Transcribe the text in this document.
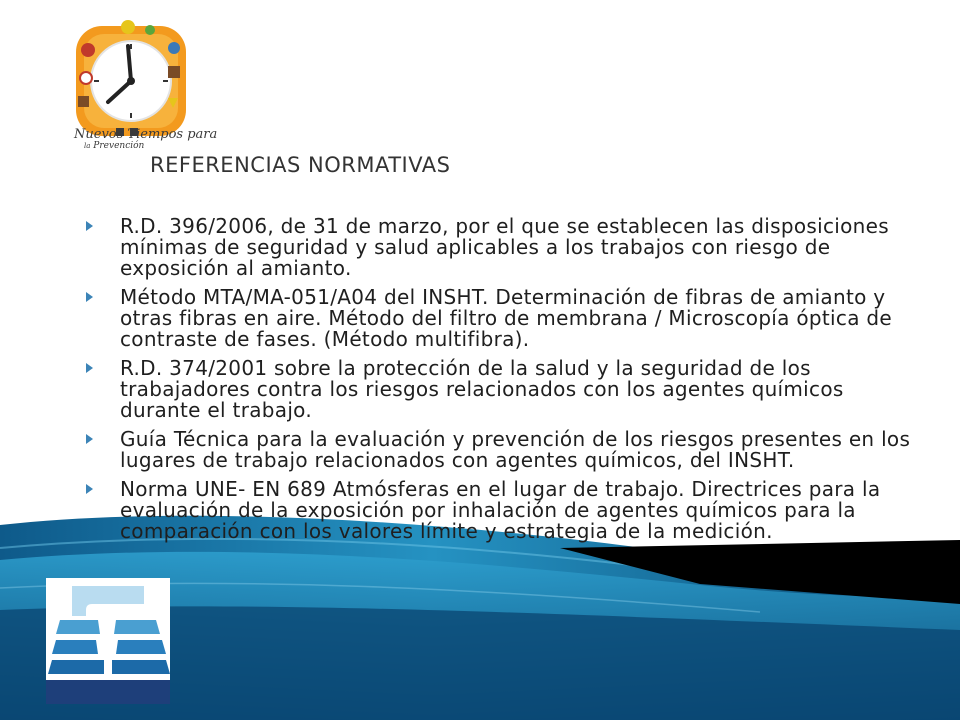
Nuevos Tiempos para
la Prevención
REFERENCIAS NORMATIVAS
R.D. 396/2006, de 31 de marzo, por el que se establecen las disposiciones mínimas de seguridad y salud aplicables a los trabajos con riesgo de exposición al amianto.
Método MTA/MA-051/A04 del INSHT. Determinación de fibras de amianto y otras fibras en aire. Método del filtro de membrana / Microscopía óptica de contraste de fases. (Método multifibra).
R.D. 374/2001 sobre la protección de la salud y la seguridad de los trabajadores contra los riesgos relacionados con los agentes químicos durante el trabajo.
Guía Técnica para la evaluación y prevención de los riesgos presentes en los lugares de trabajo relacionados con agentes químicos, del INSHT.
Norma UNE- EN 689 Atmósferas en el lugar de trabajo. Directrices para la evaluación de la exposición por inhalación de agentes químicos para la comparación con los valores límite y estrategia de la medición.
